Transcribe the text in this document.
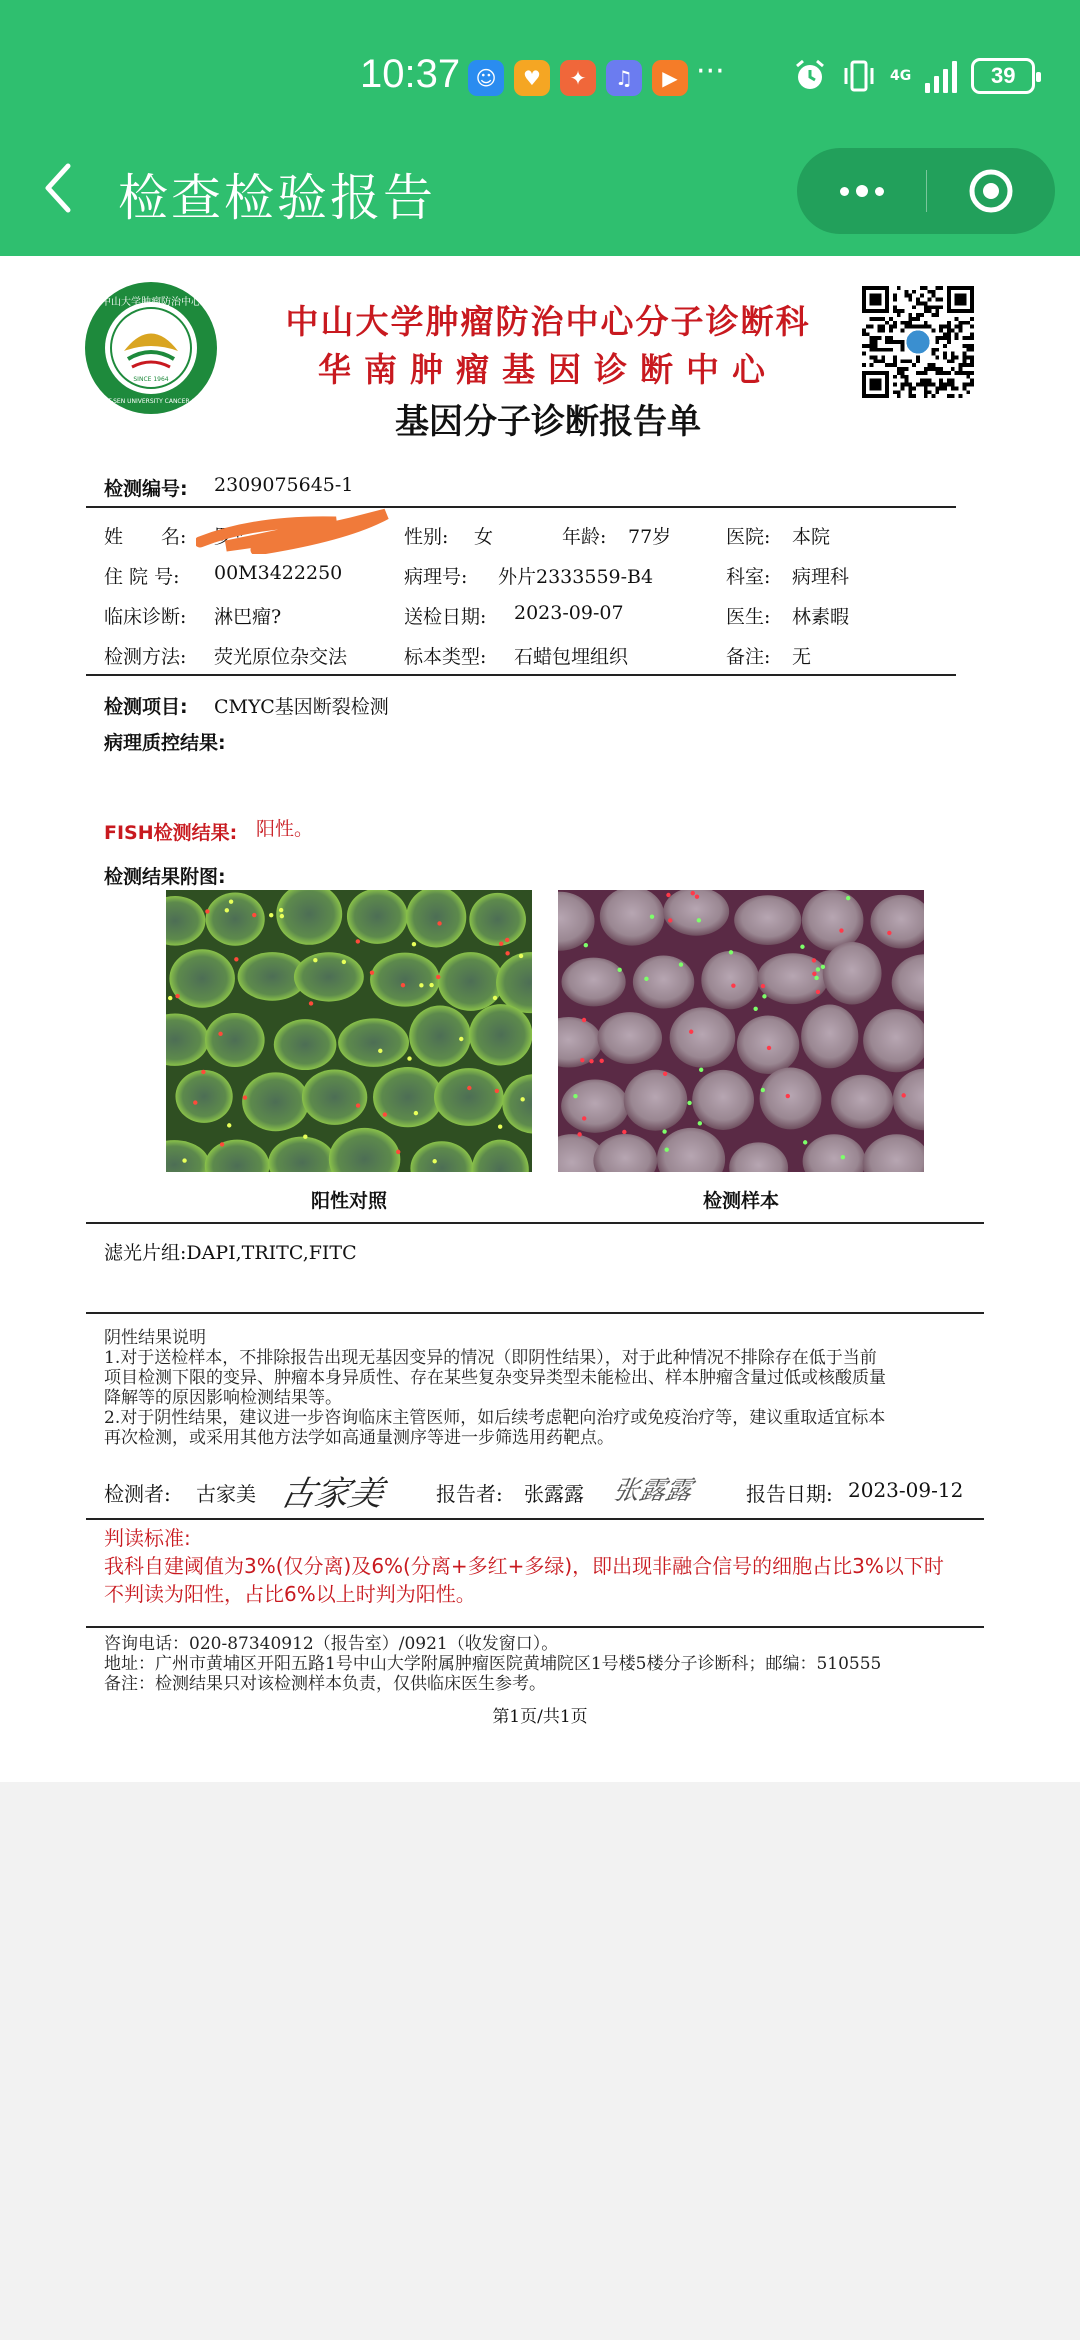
10:37 ☺	♥	✦	♫	▶ ···	4G	39
检查检验报告
中山大学肿瘤防治中心
SUN YAT-SEN UNIVERSITY CANCER CENTER
SINCE 1964
中山大学肿瘤防治中心分子诊断科
华南肿瘤基因诊断中心
基因分子诊断报告单
检测编号: 2309075645-1
姓　　名: 罗*	性别: 女	年龄: 77岁	医院: 本院
住 院 号: 00M3422250	病理号: 外片2333559-B4	科室: 病理科
临床诊断: 淋巴瘤?	送检日期: 2023-09-07	医生: 林素暇
检测方法: 荧光原位杂交法	标本类型: 石蜡包埋组织	备注: 无
检测项目: CMYC基因断裂检测
病理质控结果:
FISH检测结果: 阳性。
检测结果附图:
阳性对照	检测样本
滤光片组:DAPI,TRITC,FITC
阴性结果说明
1.对于送检样本，不排除报告出现无基因变异的情况（即阴性结果），对于此种情况不排除存在低于当前
项目检测下限的变异、肿瘤本身异质性、存在某些复杂变异类型未能检出、样本肿瘤含量过低或核酸质量
降解等的原因影响检测结果等。
2.对于阴性结果，建议进一步咨询临床主管医师，如后续考虑靶向治疗或免疫治疗等，建议重取适宜标本
再次检测，或采用其他方法学如高通量测序等进一步筛选用药靶点。
检测者: 古家美 古家美 报告者: 张露露 张露露	报告日期: 2023-09-12
判读标准:
我科自建阈值为3%(仅分离)及6%(分离+多红+多绿)，即出现非融合信号的细胞占比3%以下时
不判读为阳性，占比6%以上时判为阳性。
咨询电话：020-87340912（报告室）/0921（收发窗口）。
地址：广州市黄埔区开阳五路1号中山大学附属肿瘤医院黄埔院区1号楼5楼分子诊断科；邮编：510555
备注：检测结果只对该检测样本负责，仅供临床医生参考。
第1页/共1页
